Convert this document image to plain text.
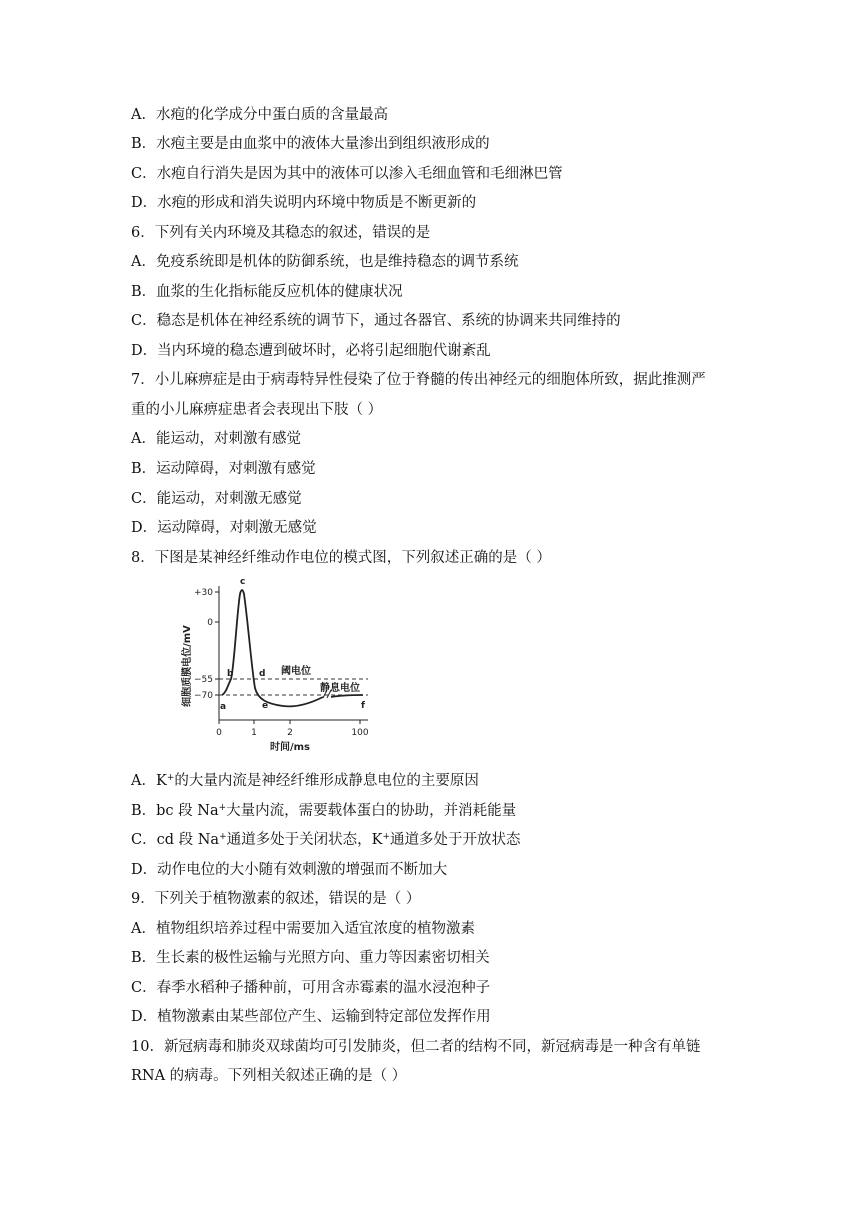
A．水疱的化学成分中蛋白质的含量最高
B．水疱主要是由血浆中的液体大量渗出到组织液形成的
C．水疱自行消失是因为其中的液体可以渗入毛细血管和毛细淋巴管
D．水疱的形成和消失说明内环境中物质是不断更新的
6．下列有关内环境及其稳态的叙述，错误的是
A．免疫系统即是机体的防御系统，也是维持稳态的调节系统
B．血浆的生化指标能反应机体的健康状况
C．稳态是机体在神经系统的调节下，通过各器官、系统的协调来共同维持的
D．当内环境的稳态遭到破坏时，必将引起细胞代谢紊乱
7．小儿麻痹症是由于病毒特异性侵染了位于脊髓的传出神经元的细胞体所致，据此推测严
重的小儿麻痹症患者会表现出下肢（ ）
A．能运动，对刺激有感觉
B．运动障碍，对刺激有感觉
C．能运动，对刺激无感觉
D．运动障碍，对刺激无感觉
8．下图是某神经纤维动作电位的模式图，下列叙述正确的是（ ）
细胞质膜电位/mV
+30
0
−55
−70
0	1	2	100
时间/ms
阈电位
静息电位
a
b
c
d
e	f
A．K+的大量内流是神经纤维形成静息电位的主要原因
B．bc 段 Na+大量内流，需要载体蛋白的协助，并消耗能量
C．cd 段 Na+通道多处于关闭状态，K+通道多处于开放状态
D．动作电位的大小随有效刺激的增强而不断加大
9．下列关于植物激素的叙述，错误的是（ ）
A．植物组织培养过程中需要加入适宜浓度的植物激素
B．生长素的极性运输与光照方向、重力等因素密切相关
C．春季水稻种子播种前，可用含赤霉素的温水浸泡种子
D．植物激素由某些部位产生、运输到特定部位发挥作用
10．新冠病毒和肺炎双球菌均可引发肺炎，但二者的结构不同，新冠病毒是一种含有单链
RNA 的病毒。下列相关叙述正确的是（ ）
